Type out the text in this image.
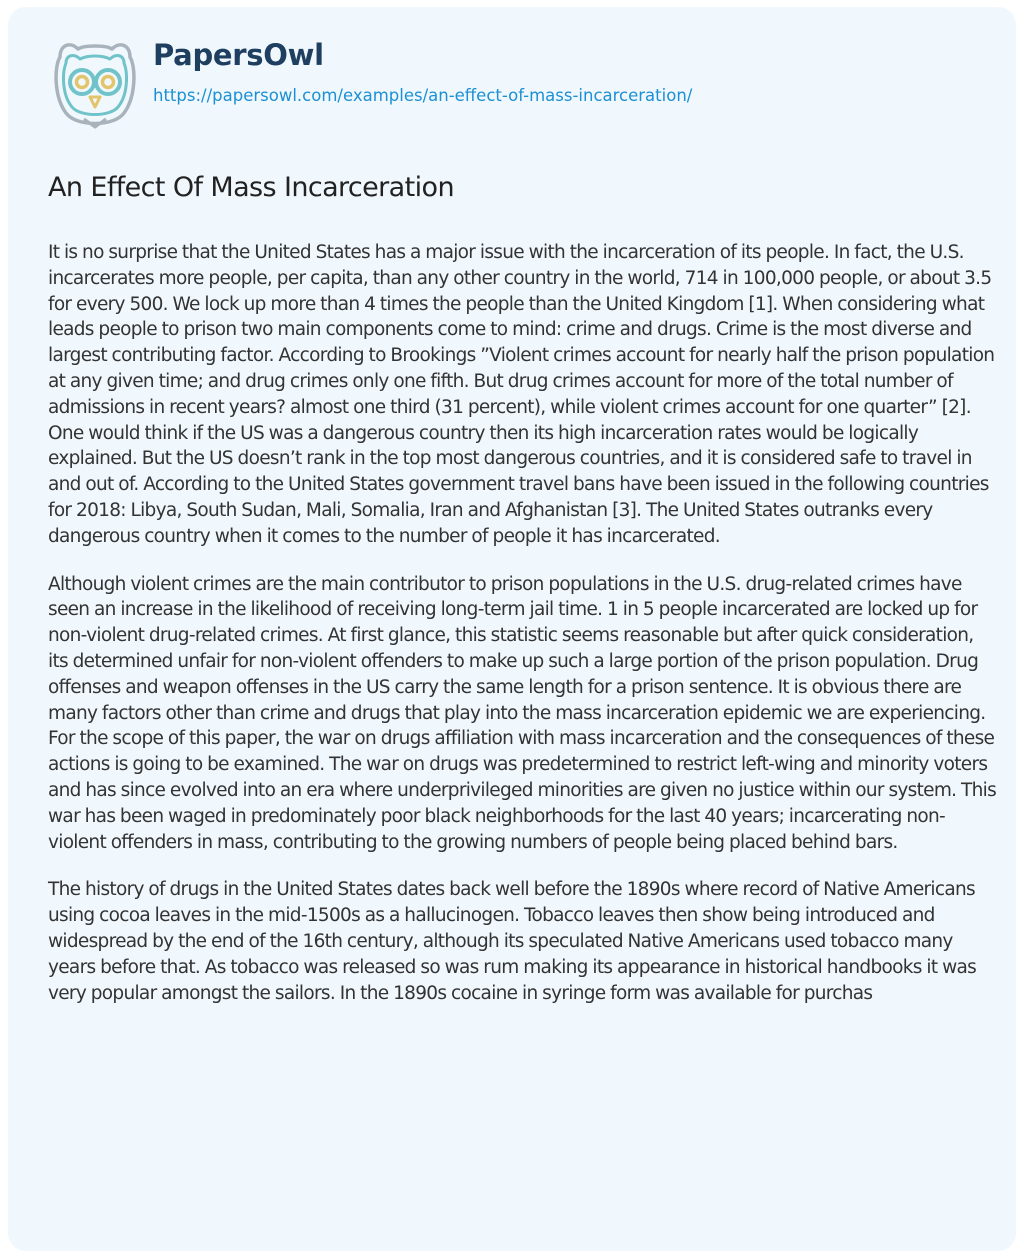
PapersOwl
https://papersowl.com/examples/an-effect-of-mass-incarceration/
An Effect Of Mass Incarceration

It is no surprise that the United States has a major issue with the incarceration of its people. In fact, the U.S. incarcerates more people, per capita, than any other country in the world, 714 in 100,000 people, or about 3.5 for every 500. We lock up more than 4 times the people than the United Kingdom [1]. When considering what leads people to prison two main components come to mind: crime and drugs. Crime is the most diverse and largest contributing factor. According to Brookings ”Violent crimes account for nearly half the prison population at any given time; and drug crimes only one fifth. But drug crimes account for more of the total number of admissions in recent years? almost one third (31 percent), while violent crimes account for one quarter” [2]. One would think if the US was a dangerous country then its high incarceration rates would be logically explained. But the US doesn’t rank in the top most dangerous countries, and it is considered safe to travel in and out of. According to the United States government travel bans have been issued in the following countries for 2018: Libya, South Sudan, Mali, Somalia, Iran and Afghanistan [3]. The United States outranks every dangerous country when it comes to the number of people it has incarcerated.

Although violent crimes are the main contributor to prison populations in the U.S. drug-related crimes have seen an increase in the likelihood of receiving long-term jail time. 1 in 5 people incarcerated are locked up for non-violent drug-related crimes. At first glance, this statistic seems reasonable but after quick consideration, its determined unfair for non-violent offenders to make up such a large portion of the prison population. Drug offenses and weapon offenses in the US carry the same length for a prison sentence. It is obvious there are many factors other than crime and drugs that play into the mass incarceration epidemic we are experiencing. For the scope of this paper, the war on drugs affiliation with mass incarceration and the consequences of these actions is going to be examined. The war on drugs was predetermined to restrict left-wing and minority voters and has since evolved into an era where underprivileged minorities are given no justice within our system. This war has been waged in predominately poor black neighborhoods for the last 40 years; incarcerating non-violent offenders in mass, contributing to the growing numbers of people being placed behind bars.

The history of drugs in the United States dates back well before the 1890s where record of Native Americans using cocoa leaves in the mid-1500s as a hallucinogen. Tobacco leaves then show being introduced and widespread by the end of the 16th century, although its speculated Native Americans used tobacco many years before that. As tobacco was released so was rum making its appearance in historical handbooks it was very popular amongst the sailors. In the 1890s cocaine in syringe form was available for purchas
